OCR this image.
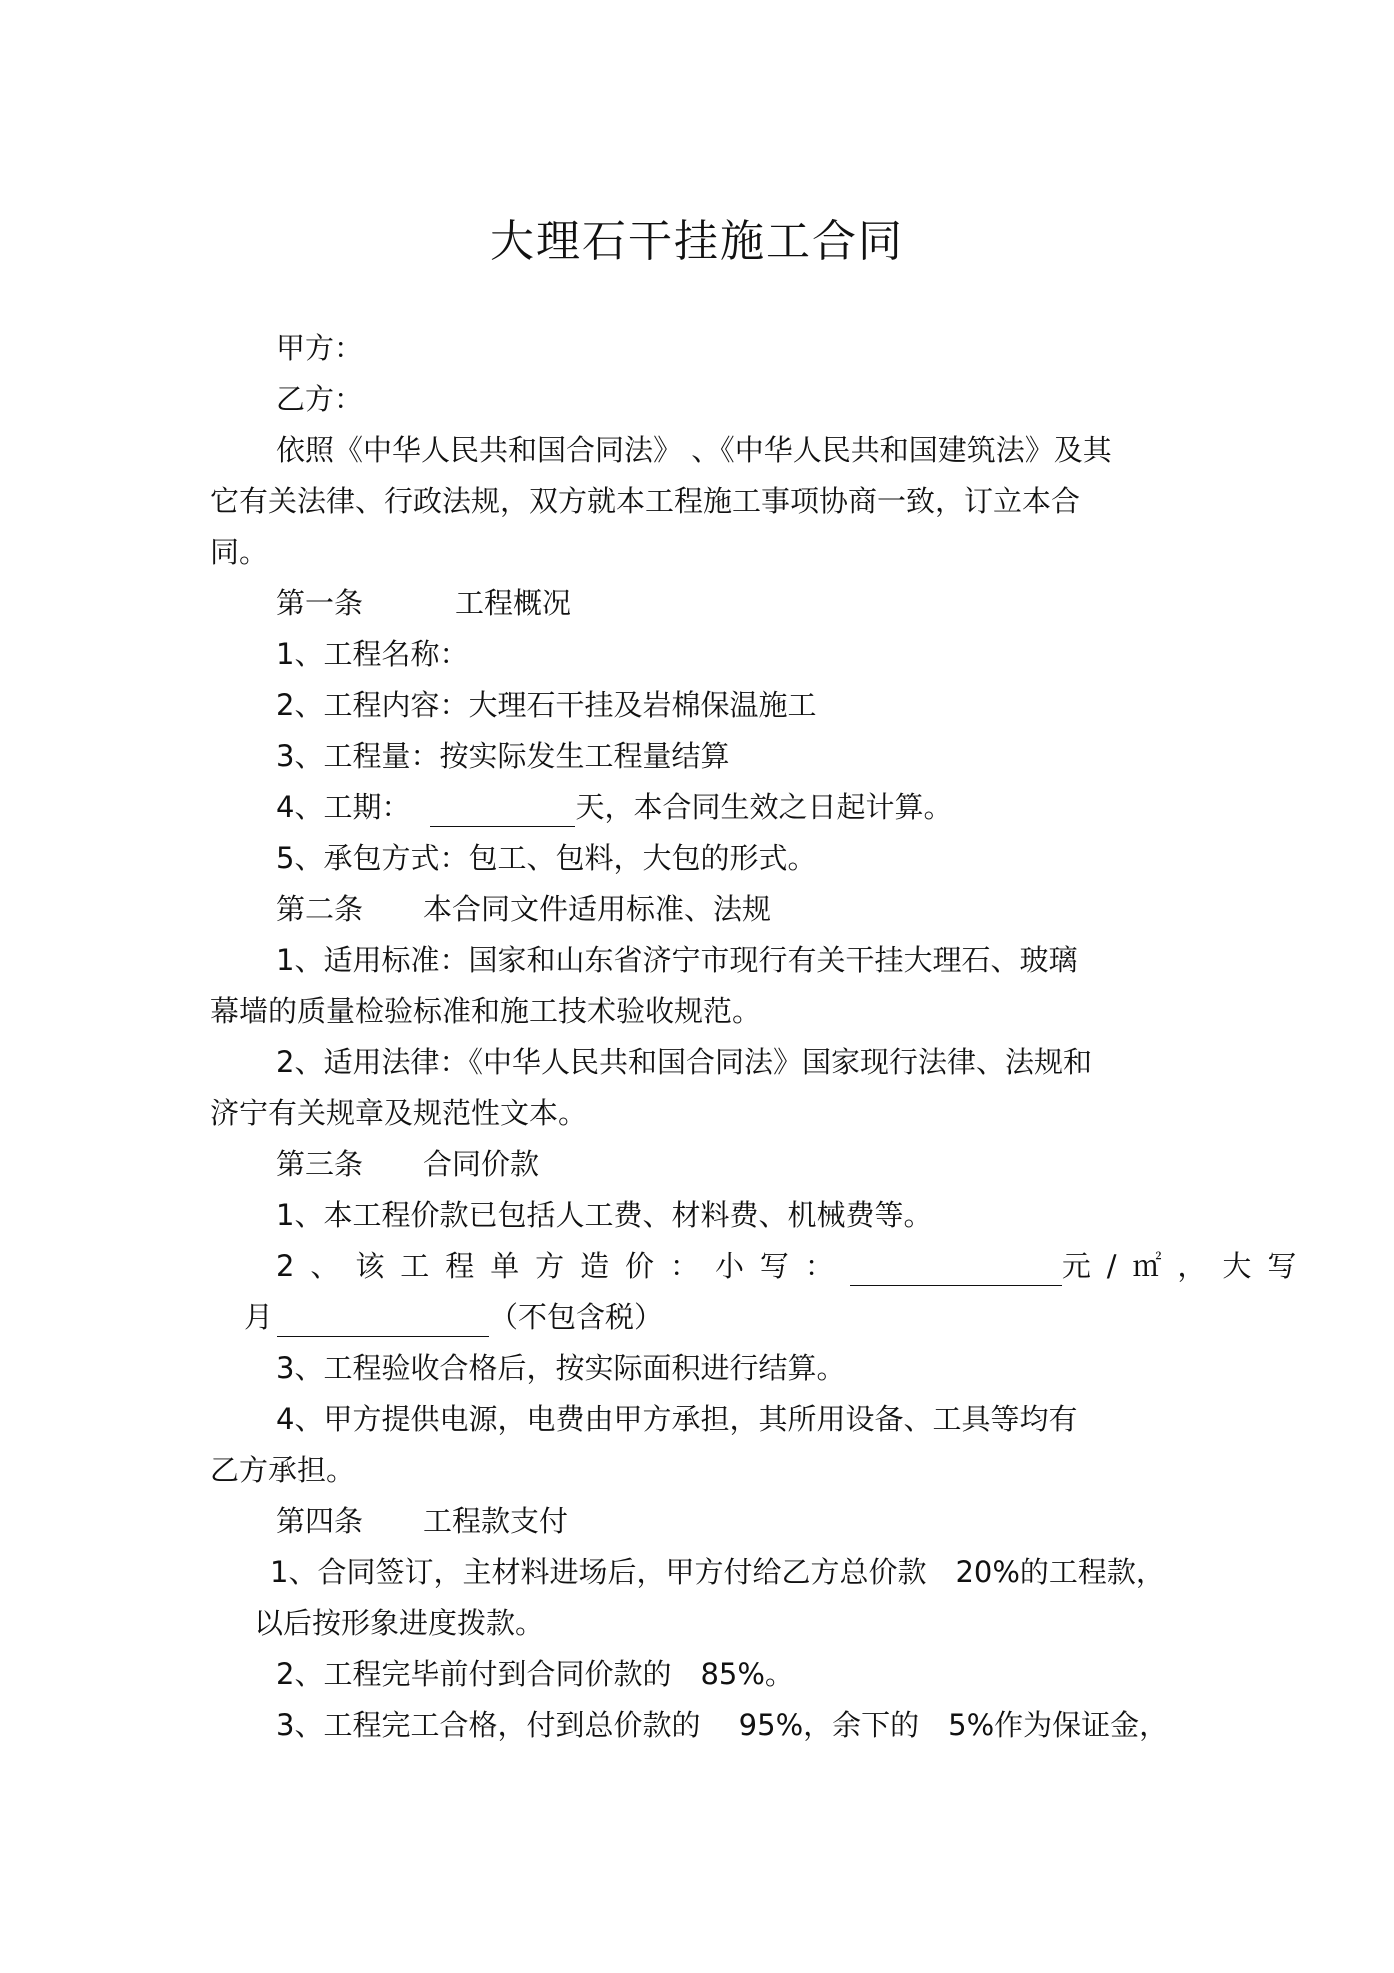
大理石干挂施工合同
甲方：
乙方：
依照《中华人民共和国合同法》 、《中华人民共和国建筑法》及其
它有关法律、行政法规，双方就本工程施工事项协商一致，订立本合
同。
第一条	工程概况
1、工程名称：
2、工程内容：大理石干挂及岩棉保温施工
3、工程量：按实际发生工程量结算
4、工期：	天，本合同生效之日起计算。
5、承包方式：包工、包料，大包的形式。
第二条 本合同文件适用标准、法规
1、适用标准：国家和山东省济宁市现行有关干挂大理石、玻璃
幕墙的质量检验标准和施工技术验收规范。
2、适用法律：《中华人民共和国合同法》国家现行法律、法规和
济宁有关规章及规范性文本。
第三条 合同价款
1、本工程价款已包括人工费、材料费、机械费等。
2、该工程单方造价：小写：	元/㎡，大写
月	（不包含税）
3、工程验收合格后，按实际面积进行结算。
4、甲方提供电源，电费由甲方承担，其所用设备、工具等均有
乙方承担。
第四条 工程款支付
1、合同签订，主材料进场后，甲方付给乙方总价款　20%的工程款，
以后按形象进度拨款。
2、工程完毕前付到合同价款的　85%。
3、工程完工合格，付到总价款的　 95%，余下的　5%作为保证金，
